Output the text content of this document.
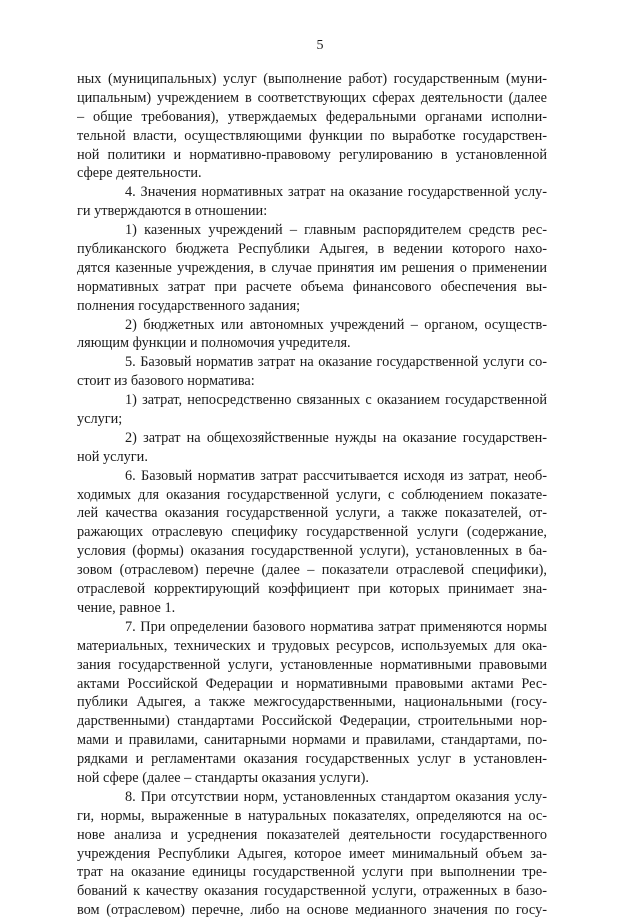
5
ных (муниципальных) услуг (выполнение работ) государственным (муни-
ципальным) учреждением в соответствующих сферах деятельности (далее
– общие требования), утверждаемых федеральными органами исполни-
тельной власти, осуществляющими функции по выработке государствен-
ной политики и нормативно-правовому регулированию в установленной
сфере деятельности.
4. Значения нормативных затрат на оказание государственной услу-
ги утверждаются в отношении:
1) казенных учреждений – главным распорядителем средств рес-
публиканского бюджета Республики Адыгея, в ведении которого нахо-
дятся казенные учреждения, в случае принятия им решения о применении
нормативных затрат при расчете объема финансового обеспечения вы-
полнения государственного задания;
2) бюджетных или автономных учреждений – органом, осуществ-
ляющим функции и полномочия учредителя.
5. Базовый норматив затрат на оказание государственной услуги со-
стоит из базового норматива:
1) затрат, непосредственно связанных с оказанием государственной
услуги;
2) затрат на общехозяйственные нужды на оказание государствен-
ной услуги.
6. Базовый норматив затрат рассчитывается исходя из затрат, необ-
ходимых для оказания государственной услуги, с соблюдением показате-
лей качества оказания государственной услуги, а также показателей, от-
ражающих отраслевую специфику государственной услуги (содержание,
условия (формы) оказания государственной услуги), установленных в ба-
зовом (отраслевом) перечне (далее – показатели отраслевой специфики),
отраслевой корректирующий коэффициент при которых принимает зна-
чение, равное 1.
7. При определении базового норматива затрат применяются нормы
материальных, технических и трудовых ресурсов, используемых для ока-
зания государственной услуги, установленные нормативными правовыми
актами Российской Федерации и нормативными правовыми актами Рес-
публики Адыгея, а также межгосударственными, национальными (госу-
дарственными) стандартами Российской Федерации, строительными нор-
мами и правилами, санитарными нормами и правилами, стандартами, по-
рядками и регламентами оказания государственных услуг в установлен-
ной сфере (далее – стандарты оказания услуги).
8. При отсутствии норм, установленных стандартом оказания услу-
ги, нормы, выраженные в натуральных показателях, определяются на ос-
нове анализа и усреднения показателей деятельности государственного
учреждения Республики Адыгея, которое имеет минимальный объем за-
трат на оказание единицы государственной услуги при выполнении тре-
бований к качеству оказания государственной услуги, отраженных в базо-
вом (отраслевом) перечне, либо на основе медианного значения по госу-
